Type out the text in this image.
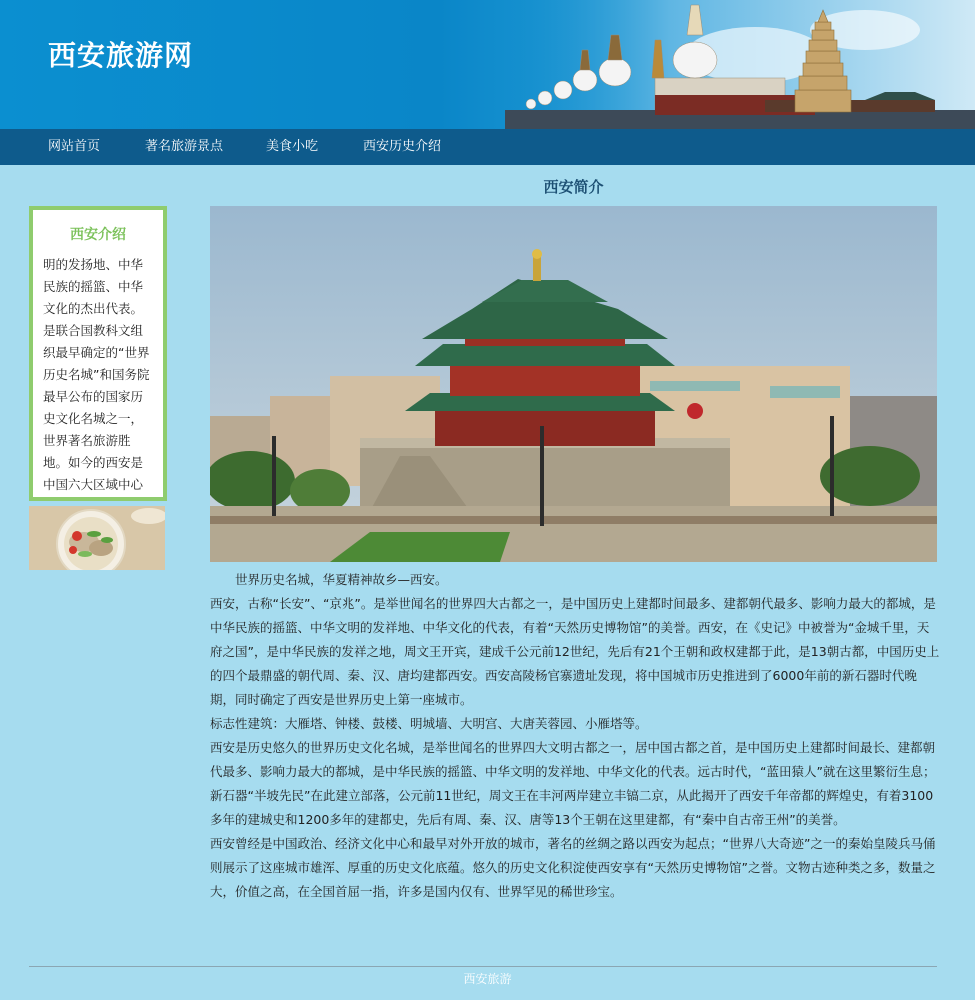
西安旅游网
网站首页	著名旅游景点	美食小吃	西安历史介绍
西安介绍
明的发扬地、中华民族的摇篮、中华文化的杰出代表。是联合国教科文组织最早确定的“世界历史名城”和国务院最早公布的国家历史文化名城之一，世界著名旅游胜地。如今的西安是中国六大区域中心
西安简介

世界历史名城，华夏精神故乡—西安。

西安，古称“长安”、“京兆”。是举世闻名的世界四大古都之一，是中国历史上建都时间最多、建都朝代最多、影响力最大的都城，是中华民族的摇篮、中华文明的发祥地、中华文化的代表，有着“天然历史博物馆”的美誉。西安，在《史记》中被誉为“金城千里，天府之国”，是中华民族的发祥之地，周文王开宾，建成千公元前12世纪，先后有21个王朝和政权建都于此，是13朝古都，中国历史上的四个最鼎盛的朝代周、秦、汉、唐均建都西安。西安高陵杨官寨遗址发现，将中国城市历史推进到了6000年前的新石器时代晚期，同时确定了西安是世界历史上第一座城市。

标志性建筑：大雁塔、钟楼、鼓楼、明城墙、大明宫、大唐芙蓉园、小雁塔等。

西安是历史悠久的世界历史文化名城，是举世闻名的世界四大文明古都之一，居中国古都之首，是中国历史上建都时间最长、建都朝代最多、影响力最大的都城，是中华民族的摇篮、中华文明的发祥地、中华文化的代表。远古时代，“蓝田猿人”就在这里繁衍生息；新石器“半坡先民”在此建立部落，公元前11世纪，周文王在丰河两岸建立丰镐二京，从此揭开了西安千年帝都的辉煌史，有着3100多年的建城史和1200多年的建都史，先后有周、秦、汉、唐等13个王朝在这里建都，有“秦中自古帝王州”的美誉。

西安曾经是中国政治、经济文化中心和最早对外开放的城市，著名的丝绸之路以西安为起点；“世界八大奇迹”之一的秦始皇陵兵马俑则展示了这座城市雄浑、厚重的历史文化底蕴。悠久的历史文化积淀使西安享有“天然历史博物馆”之誉。文物古迹种类之多，数量之大，价值之高，在全国首屈一指，许多是国内仅有、世界罕见的稀世珍宝。

西安旅游
